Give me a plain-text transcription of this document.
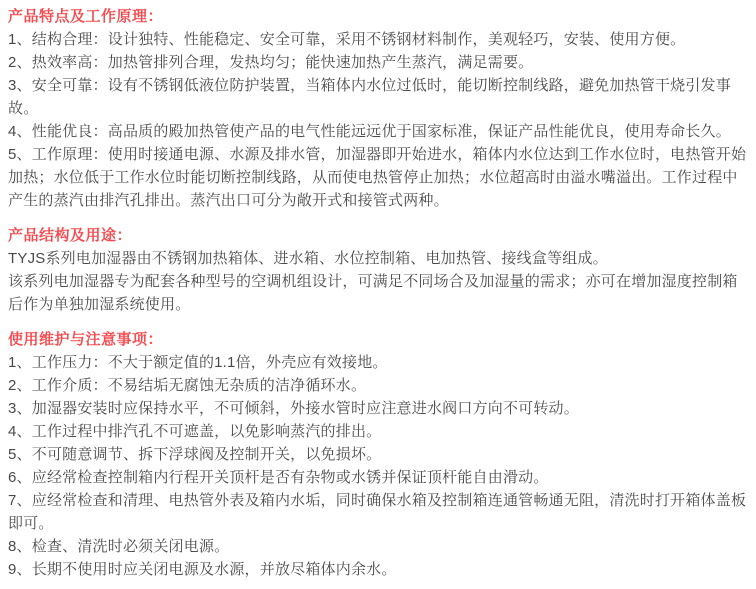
产品特点及工作原理：

1、结构合理：设计独特、性能稳定、安全可靠，采用不锈钢材料制作，美观轻巧，安装、使用方便。

2、热效率高：加热管排列合理，发热均匀；能快速加热产生蒸汽，满足需要。

3、安全可靠：设有不锈钢低液位防护装置，当箱体内水位过低时，能切断控制线路，避免加热管干烧引发事故。

4、性能优良：高品质的殿加热管使产品的电气性能远远优于国家标准，保证产品性能优良，使用寿命长久。

5、工作原理：使用时接通电源、水源及排水管，加湿器即开始进水，箱体内水位达到工作水位时，电热管开始加热；水位低于工作水位时能切断控制线路，从而使电热管停止加热；水位超高时由溢水嘴溢出。工作过程中产生的蒸汽由排汽孔排出。蒸汽出口可分为敞开式和接管式两种。

产品结构及用途：

TYJS系列电加湿器由不锈钢加热箱体、进水箱、水位控制箱、电加热管、接线盒等组成。

该系列电加湿器专为配套各种型号的空调机组设计，可满足不同场合及加湿量的需求；亦可在增加湿度控制箱后作为单独加湿系统使用。

使用维护与注意事项：

1、工作压力：不大于额定值的1.1倍，外壳应有效接地。

2、工作介质：不易结垢无腐蚀无杂质的洁净循环水。

3、加湿器安装时应保持水平，不可倾斜，外接水管时应注意进水阀口方向不可转动。

4、工作过程中排汽孔不可遮盖，以免影响蒸汽的排出。

5、不可随意调节、拆下浮球阀及控制开关，以免损坏。

6、应经常检查控制箱内行程开关顶杆是否有杂物或水锈并保证顶杆能自由滑动。

7、应经常检查和清理、电热管外表及箱内水垢，同时确保水箱及控制箱连通管畅通无阻，清洗时打开箱体盖板即可。

8、检查、清洗时必须关闭电源。

9、长期不使用时应关闭电源及水源，并放尽箱体内余水。
